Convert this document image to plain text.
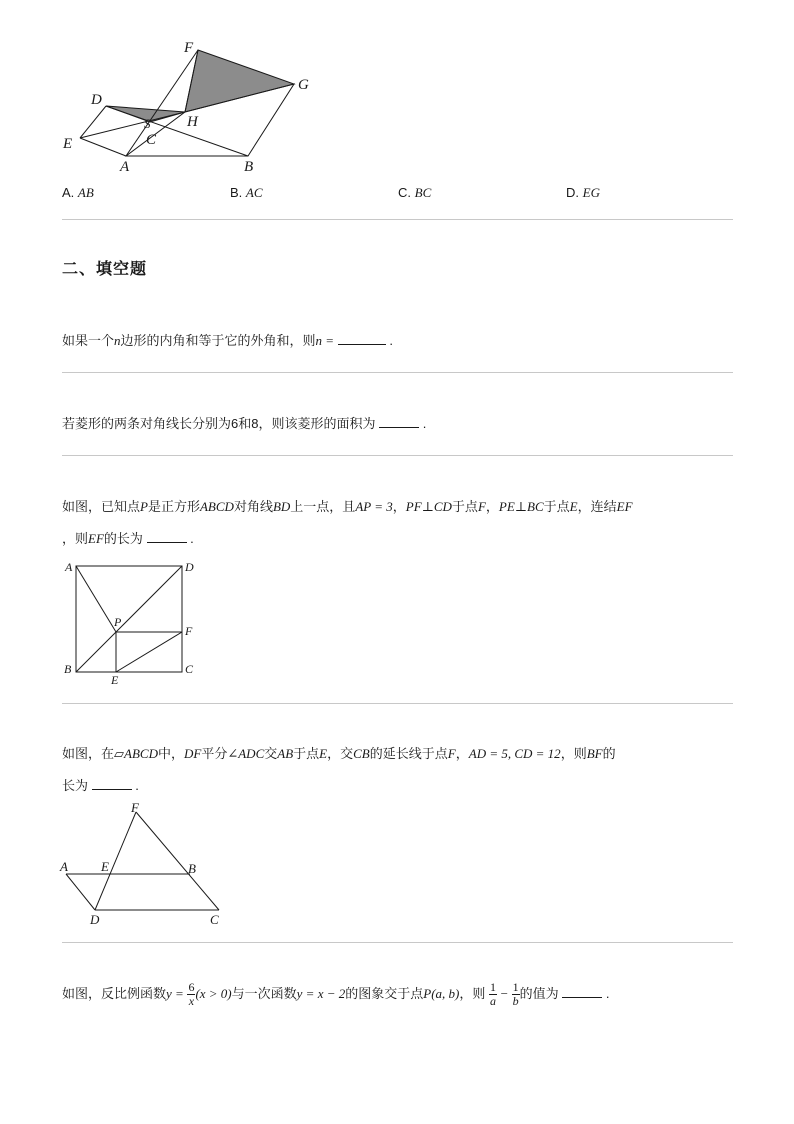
F
G
D
H
S
E	C
A	B
A. AB	B. AC	C. BC	D. EG
二、填空题
如果一个n边形的内角和等于它的外角和，则n =	.
若菱形的两条对角线长分别为6和8，则该菱形的面积为	.
如图，已知点P是正方形ABCD对角线BD上一点，且AP = 3，PF⊥CD于点F，PE⊥BC于点E，连结EF
，则EF的长为	.
A	D
P
F
B
E
C
如图，在▱ABCD中，DF平分∠ADC交AB于点E，交CB的延长线于点F，AD = 5, CD = 12，则BF的
长为	.
F
A	E	B
D	C
如图，反比例函数$y = \frac{6}{x} (x > 0)$与一次函数y = x − 2的图象交于点P(a, b)，则 $\frac{1}{a} - \frac{1}{b}$ 的值为	.
